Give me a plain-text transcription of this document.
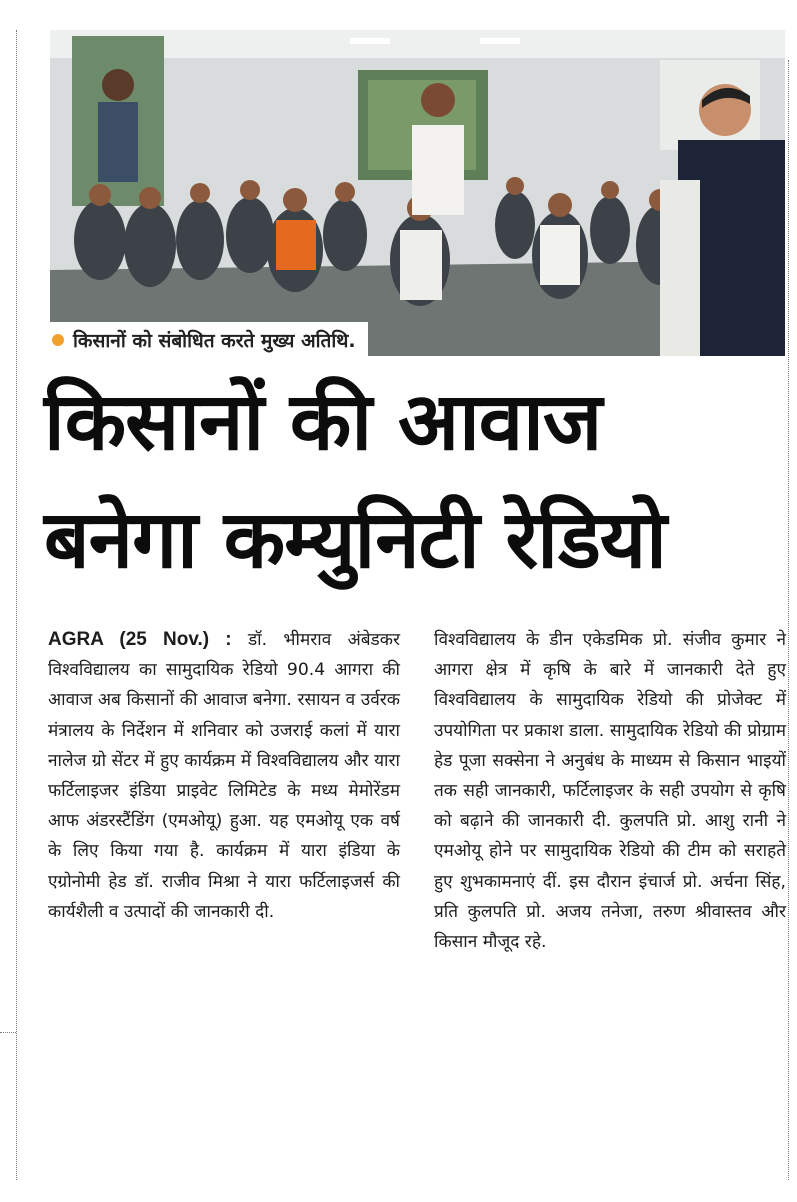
किसानों को संबोधित करते मुख्य अतिथि.
किसानों की आवाज
बनेगा कम्युनिटी रेडियो
AGRA (25 Nov.) : डॉ. भीमराव अंबेडकर विश्वविद्यालय का सामुदायिक रेडियो 90.4 आगरा की आवाज अब किसानों की आवाज बनेगा. रसायन व उर्वरक मंत्रालय के निर्देशन में शनिवार को उजराई कलां में यारा नालेज ग्रो सेंटर में हुए कार्यक्रम में विश्वविद्यालय और यारा फर्टिलाइजर इंडिया प्राइवेट लिमिटेड के मध्य मेमोरेंडम आफ अंडरस्टैंडिंग (एमओयू) हुआ. यह एमओयू एक वर्ष के लिए किया गया है. कार्यक्रम में यारा इंडिया के एग्रोनोमी हेड डॉ. राजीव मिश्रा ने यारा फर्टिलाइजर्स की कार्यशैली व उत्पादों की जानकारी दी.
विश्वविद्यालय के डीन एकेडमिक प्रो. संजीव कुमार ने आगरा क्षेत्र में कृषि के बारे में जानकारी देते हुए विश्वविद्यालय के सामुदायिक रेडियो की प्रोजेक्ट में उपयोगिता पर प्रकाश डाला. सामुदायिक रेडियो की प्रोग्राम हेड पूजा सक्सेना ने अनुबंध के माध्यम से किसान भाइयों तक सही जानकारी, फर्टिलाइजर के सही उपयोग से कृषि को बढ़ाने की जानकारी दी. कुलपति प्रो. आशु रानी ने एमओयू होने पर सामुदायिक रेडियो की टीम को सराहते हुए शुभकामनाएं दीं. इस दौरान इंचार्ज प्रो. अर्चना सिंह, प्रति कुलपति प्रो. अजय तनेजा, तरुण श्रीवास्तव और किसान मौजूद रहे.
